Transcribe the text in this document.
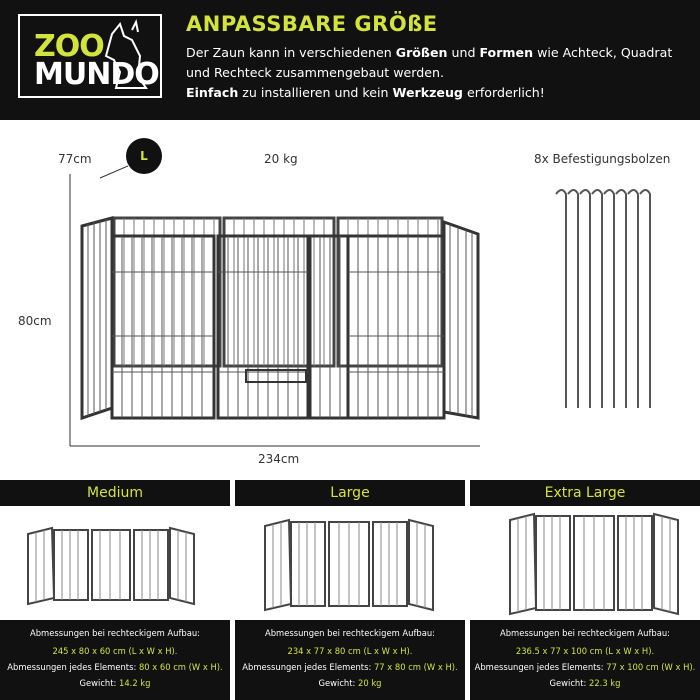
ZOO
MUNDO
ANPASSBARE GRÖßE
Der Zaun kann in verschiedenen Größen und Formen wie Achteck, Quadrat
und Rechteck zusammengebaut werden.
Einfach zu installieren und kein Werkzeug erforderlich!
77cm	20 kg
80cm
234cm
8x Befestigungsbolzen
L
Medium
Abmessungen bei rechteckigem Aufbau:
245 x 80 x 60 cm (L x W x H).
Abmessungen jedes Elements: 80 x 60 cm (W x H).
Gewicht: 14.2 kg
Large
Abmessungen bei rechteckigem Aufbau:
234 x 77 x 80 cm (L x W x H).
Abmessungen jedes Elements: 77 x 80 cm (W x H).
Gewicht: 20 kg
Extra Large
Abmessungen bei rechteckigem Aufbau:
236.5 x 77 x 100 cm (L x W x H).
Abmessungen jedes Elements: 77 x 100 cm (W x H).
Gewicht: 22.3 kg
